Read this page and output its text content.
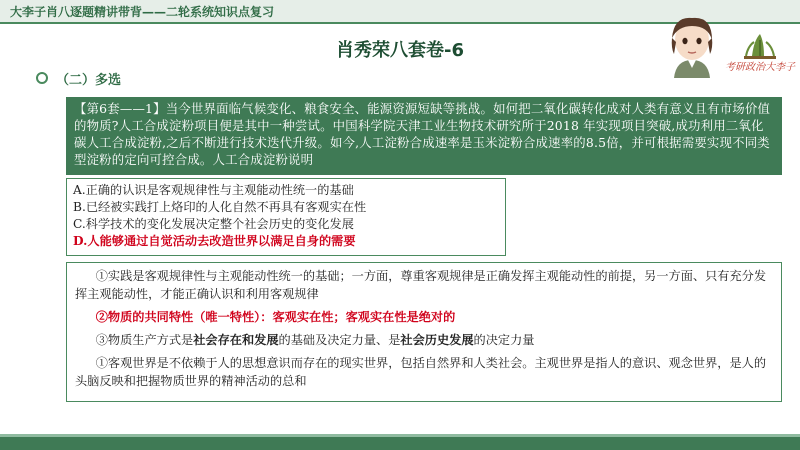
大李子肖八逐题精讲带背——二轮系统知识点复习
肖秀荣八套卷-6
考研政治大李子
（二）多选
【第6套——1】当今世界面临气候变化、粮食安全、能源资源短缺等挑战。如何把二氧化碳转化成对人类有意义且有市场价值的物质?人工合成淀粉项目便是其中一种尝试。中国科学院天津工业生物技术研究所于2018 年实现项目突破,成功利用二氧化碳人工合成淀粉,之后不断进行技术迭代升级。如今,人工淀粉合成速率是玉米淀粉合成速率的8.5倍，并可根据需要实现不同类型淀粉的定向可控合成。人工合成淀粉说明
A.正确的认识是客观规律性与主观能动性统一的基础
B.已经被实践打上烙印的人化自然不再具有客观实在性
C.科学技术的变化发展决定整个社会历史的变化发展
D.人能够通过自觉活动去改造世界以满足自身的需要
①实践是客观规律性与主观能动性统一的基础；一方面，尊重客观规律是正确发挥主观能动性的前提，另一方面、只有充分发挥主观能动性，才能正确认识和利用客观规律
②物质的共同特性（唯一特性）：客观实在性；客观实在性是绝对的
③物质生产方式是社会存在和发展的基础及决定力量、是社会历史发展的决定力量
①客观世界是不依赖于人的思想意识而存在的现实世界，包括自然界和人类社会。主观世界是指人的意识、观念世界，是人的头脑反映和把握物质世界的精神活动的总和
